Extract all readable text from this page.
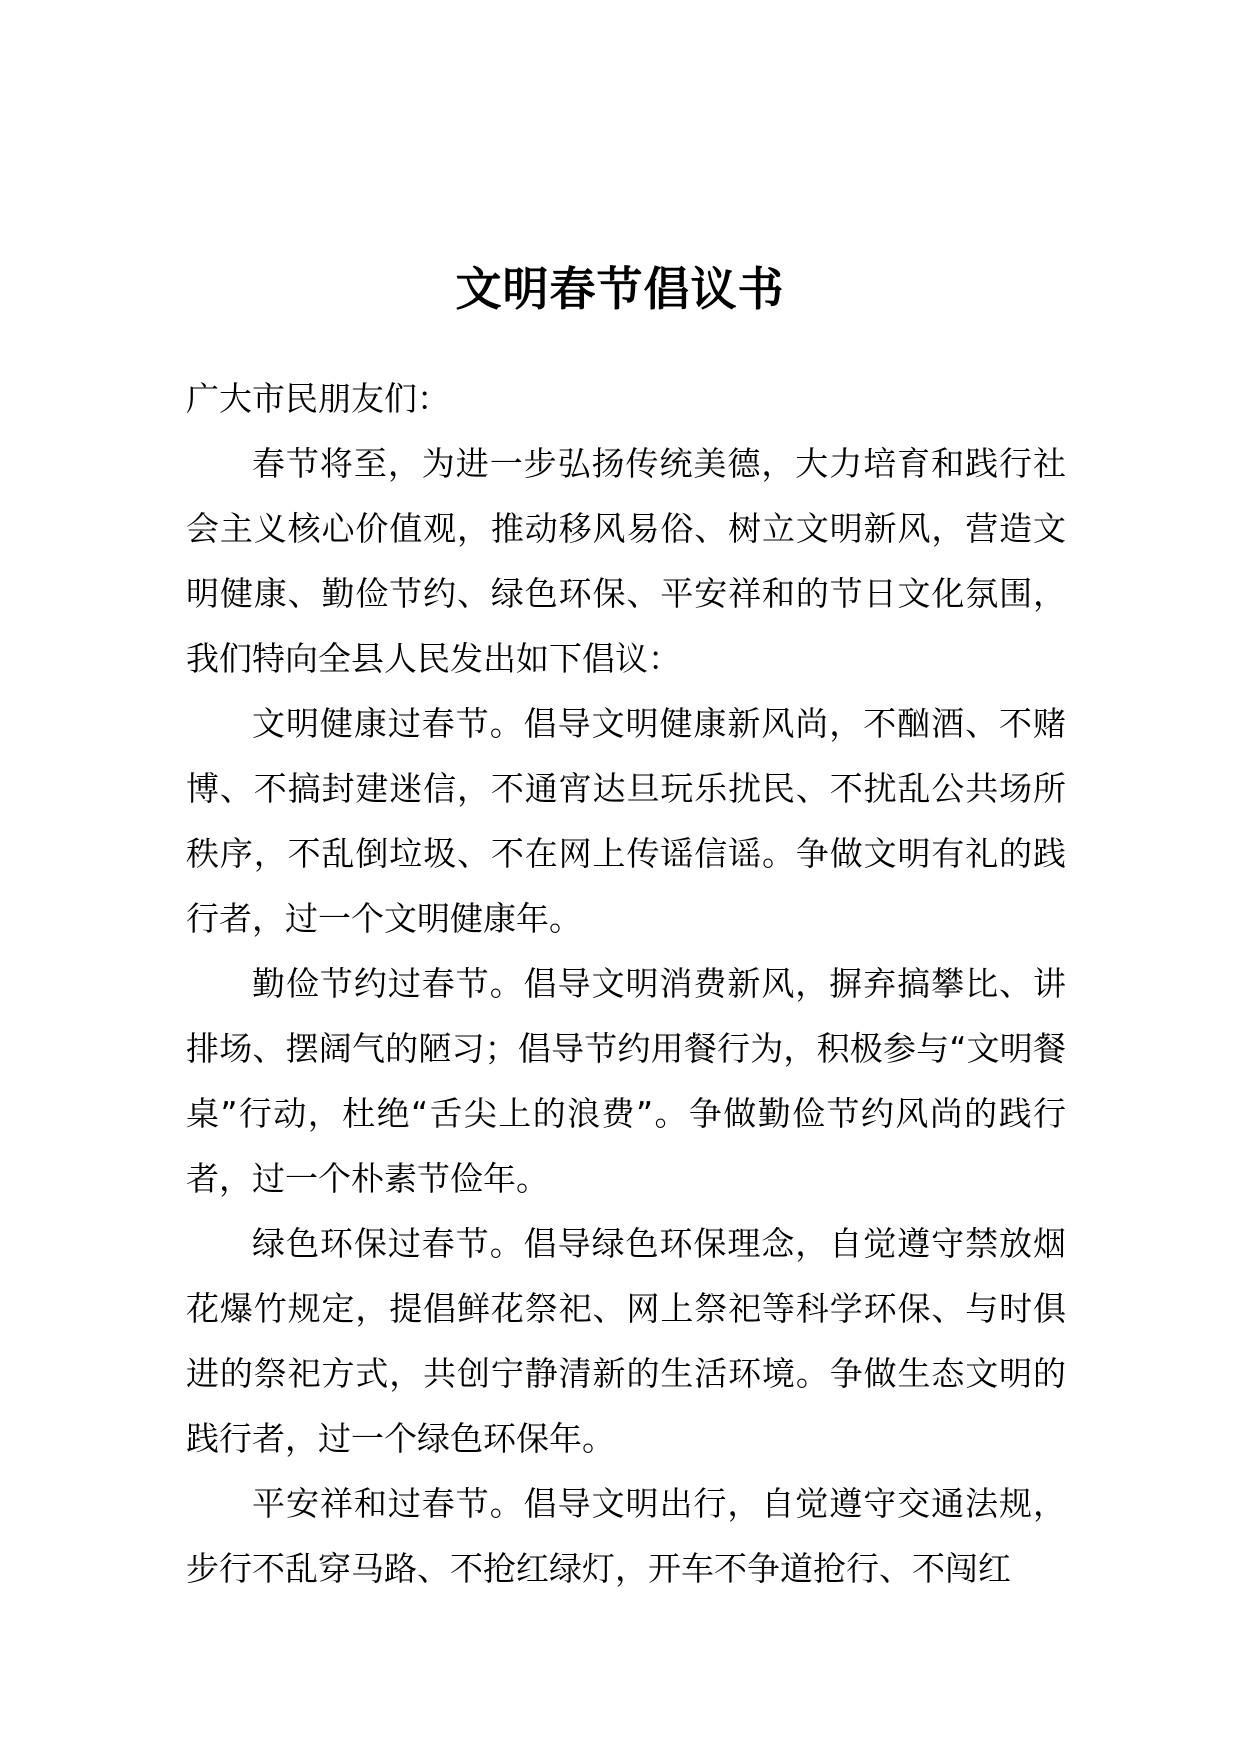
文明春节倡议书

广大市民朋友们：

春节将至，为进一步弘扬传统美德，大力培育和践行社会主义核心价值观，推动移风易俗、树立文明新风，营造文明健康、勤俭节约、绿色环保、平安祥和的节日文化氛围，我们特向全县人民发出如下倡议：

文明健康过春节。倡导文明健康新风尚，不酗酒、不赌博、不搞封建迷信，不通宵达旦玩乐扰民、不扰乱公共场所秩序，不乱倒垃圾、不在网上传谣信谣。争做文明有礼的践行者，过一个文明健康年。

勤俭节约过春节。倡导文明消费新风，摒弃搞攀比、讲排场、摆阔气的陋习；倡导节约用餐行为，积极参与“文明餐桌”行动，杜绝“舌尖上的浪费”。争做勤俭节约风尚的践行者，过一个朴素节俭年。

绿色环保过春节。倡导绿色环保理念，自觉遵守禁放烟花爆竹规定，提倡鲜花祭祀、网上祭祀等科学环保、与时俱进的祭祀方式，共创宁静清新的生活环境。争做生态文明的践行者，过一个绿色环保年。

平安祥和过春节。倡导文明出行，自觉遵守交通法规，步行不乱穿马路、不抢红绿灯，开车不争道抢行、不闯红
